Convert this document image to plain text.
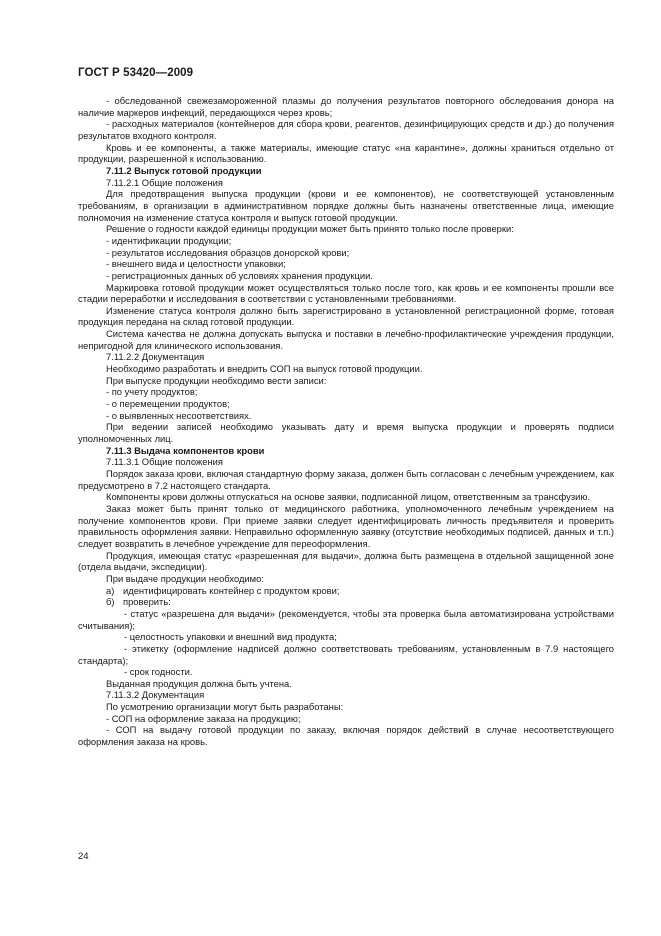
ГОСТ Р 53420—2009

- обследованной свежезамороженной плазмы до получения результатов повторного обследования донора на наличие маркеров инфекций, передающихся через кровь;

- расходных материалов (контейнеров для сбора крови, реагентов, дезинфицирующих средств и др.) до получения результатов входного контроля.

Кровь и ее компоненты, а также материалы, имеющие статус «на карантине», должны храниться отдельно от продукции, разрешенной к использованию.

7.11.2 Выпуск готовой продукции

7.11.2.1 Общие положения

Для предотвращения выпуска продукции (крови и ее компонентов), не соответствующей установленным требованиям, в организации в административном порядке должны быть назначены ответственные лица, имеющие полномочия на изменение статуса контроля и выпуск готовой продукции.

Решение о годности каждой единицы продукции может быть принято только после проверки:

- идентификации продукции;

- результатов исследования образцов донорской крови;

- внешнего вида и целостности упаковки;

- регистрационных данных об условиях хранения продукции.

Маркировка готовой продукции может осуществляться только после того, как кровь и ее компоненты прошли все стадии переработки и исследования в соответствии с установленными требованиями.

Изменение статуса контроля должно быть зарегистрировано в установленной регистрационной форме, готовая продукция передана на склад готовой продукции.

Система качества не должна допускать выпуска и поставки в лечебно-профилактические учреждения продукции, непригодной для клинического использования.

7.11.2.2 Документация

Необходимо разработать и внедрить СОП на выпуск готовой продукции.

При выпуске продукции необходимо вести записи:

- по учету продуктов;

- о перемещении продуктов;

- о выявленных несоответствиях.

При ведении записей необходимо указывать дату и время выпуска продукции и проверять подписи уполномоченных лиц.

7.11.3 Выдача компонентов крови

7.11.3.1 Общие положения

Порядок заказа крови, включая стандартную форму заказа, должен быть согласован с лечебным учреждением, как предусмотрено в 7.2 настоящего стандарта.

Компоненты крови должны отпускаться на основе заявки, подписанной лицом, ответственным за трансфузию.

Заказ может быть принят только от медицинского работника, уполномоченного лечебным учреждением на получение компонентов крови. При приеме заявки следует идентифицировать личность предъявителя и проверить правильность оформления заявки. Неправильно оформленную заявку (отсутствие необходимых подписей, данных и т.п.) следует возвратить в лечебное учреждение для переоформления.

Продукция, имеющая статус «разрешенная для выдачи», должна быть размещена в отдельной защищенной зоне (отдела выдачи, экспедиции).

При выдаче продукции необходимо:

а) идентифицировать контейнер с продуктом крови;

б) проверить:

- статус «разрешена для выдачи» (рекомендуется, чтобы эта проверка была автоматизирована устройствами считывания);

- целостность упаковки и внешний вид продукта;

- этикетку (оформление надписей должно соответствовать требованиям, установленным в 7.9 настоящего стандарта);

- срок годности.

Выданная продукция должна быть учтена.

7.11.3.2 Документация

По усмотрению организации могут быть разработаны:

- СОП на оформление заказа на продукцию;

- СОП на выдачу готовой продукции по заказу, включая порядок действий в случае несоответствующего оформления заказа на кровь.

24
